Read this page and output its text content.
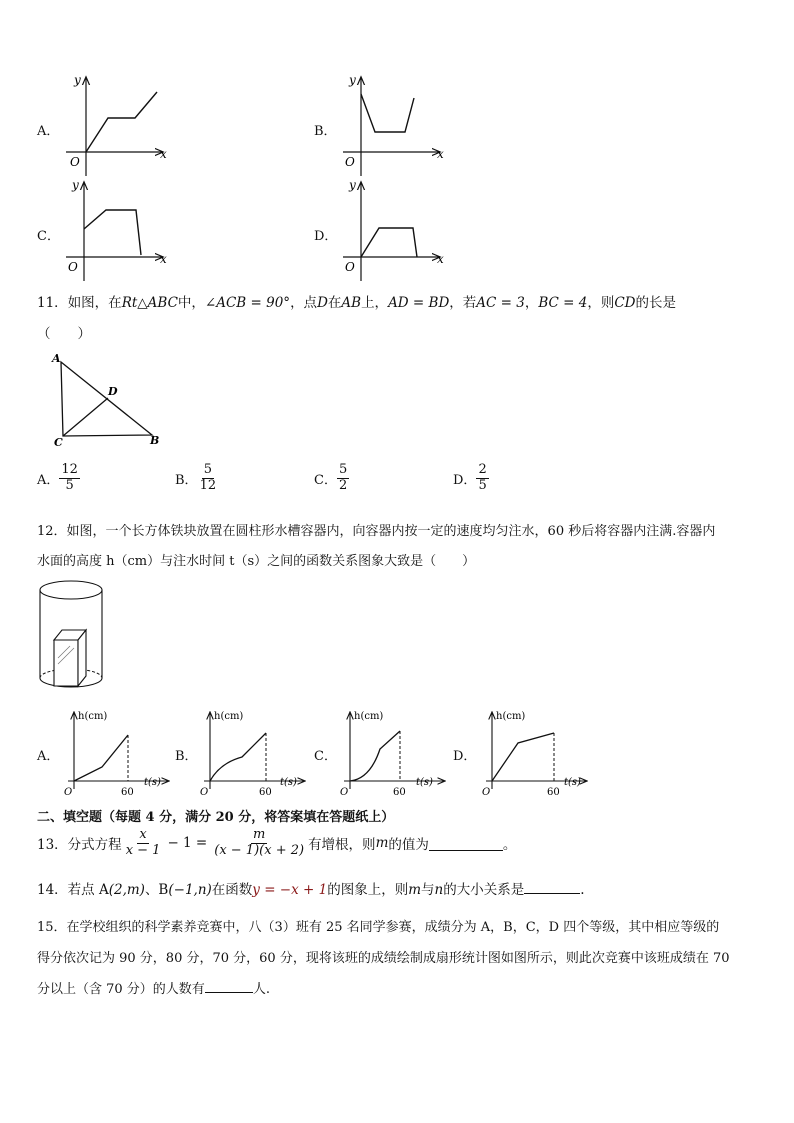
A．
y
x
O
B．
y
x
O
C．
y
x
O
D．
y
x
O
11．如图，在Rt△ABC中，∠ACB = 90°，点D在AB上，AD = BD，若AC = 3，BC = 4，则CD的长是
（　　）
A
C	B
D
A． $\frac{12}{5}$	B． $\frac{5}{12}$	C． $\frac{5}{2}$	D． $\frac{2}{5}$
12．如图，一个长方体铁块放置在圆柱形水槽容器内，向容器内按一定的速度均匀注水，60 秒后将容器内注满.容器内
水面的高度 h（cm）与注水时间 t（s）之间的函数关系图象大致是（　　）
A．
h(cm)
t(s)
O	60
B．
h(cm)
t(s)
O	60
C．
h(cm)
t(s)
O	60
D．
h(cm)
t(s)
O	60
二、填空题（每题 4 分，满分 20 分，将答案填在答题纸上）
13．分式方程 $\frac{x}{x - 1} - 1 = \frac{m}{(x - 1)(x + 2)}$ 有增根，则 m 的值为	。
14．若点 A(2,m)、B(−1,n)在函数y = −x + 1的图象上，则m与n的大小关系是	.
15．在学校组织的科学素养竞赛中，八（3）班有 25 名同学参赛，成绩分为 A，B，C，D 四个等级，其中相应等级的
得分依次记为 90 分，80 分，70 分，60 分，现将该班的成绩绘制成扇形统计图如图所示，则此次竞赛中该班成绩在 70
分以上（含 70 分）的人数有	人.
